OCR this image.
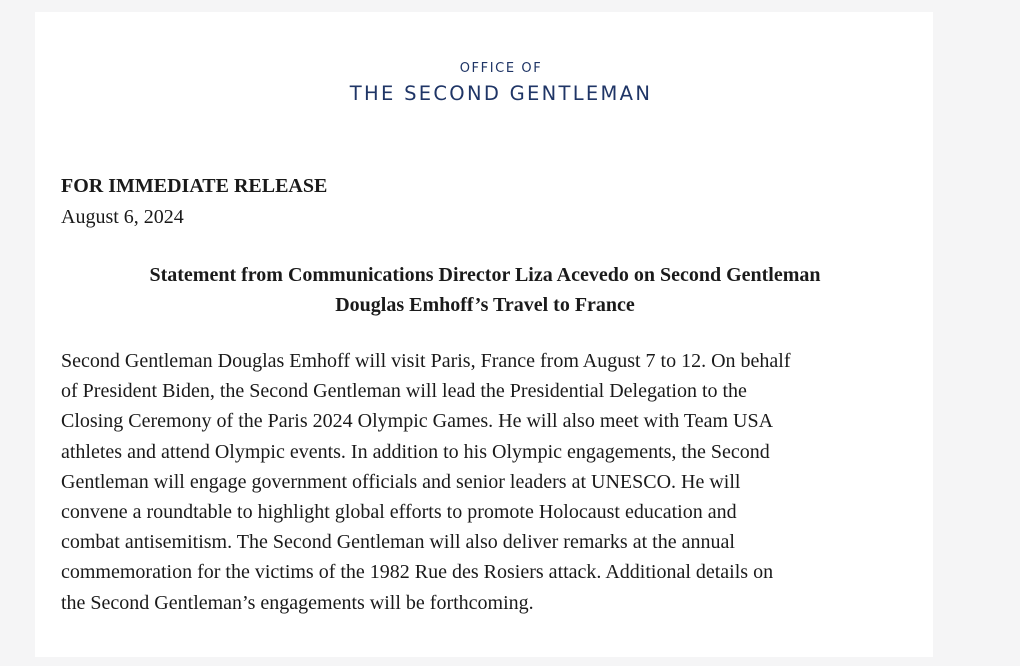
OFFICE OF
THE SECOND GENTLEMAN
FOR IMMEDIATE RELEASE
August 6, 2024
Statement from Communications Director Liza Acevedo on Second Gentleman
Douglas Emhoff’s Travel to France
Second Gentleman Douglas Emhoff will visit Paris, France from August 7 to 12. On behalf
of President Biden, the Second Gentleman will lead the Presidential Delegation to the
Closing Ceremony of the Paris 2024 Olympic Games. He will also meet with Team USA
athletes and attend Olympic events. In addition to his Olympic engagements, the Second
Gentleman will engage government officials and senior leaders at UNESCO. He will
convene a roundtable to highlight global efforts to promote Holocaust education and
combat antisemitism. The Second Gentleman will also deliver remarks at the annual
commemoration for the victims of the 1982 Rue des Rosiers attack. Additional details on
the Second Gentleman’s engagements will be forthcoming.
